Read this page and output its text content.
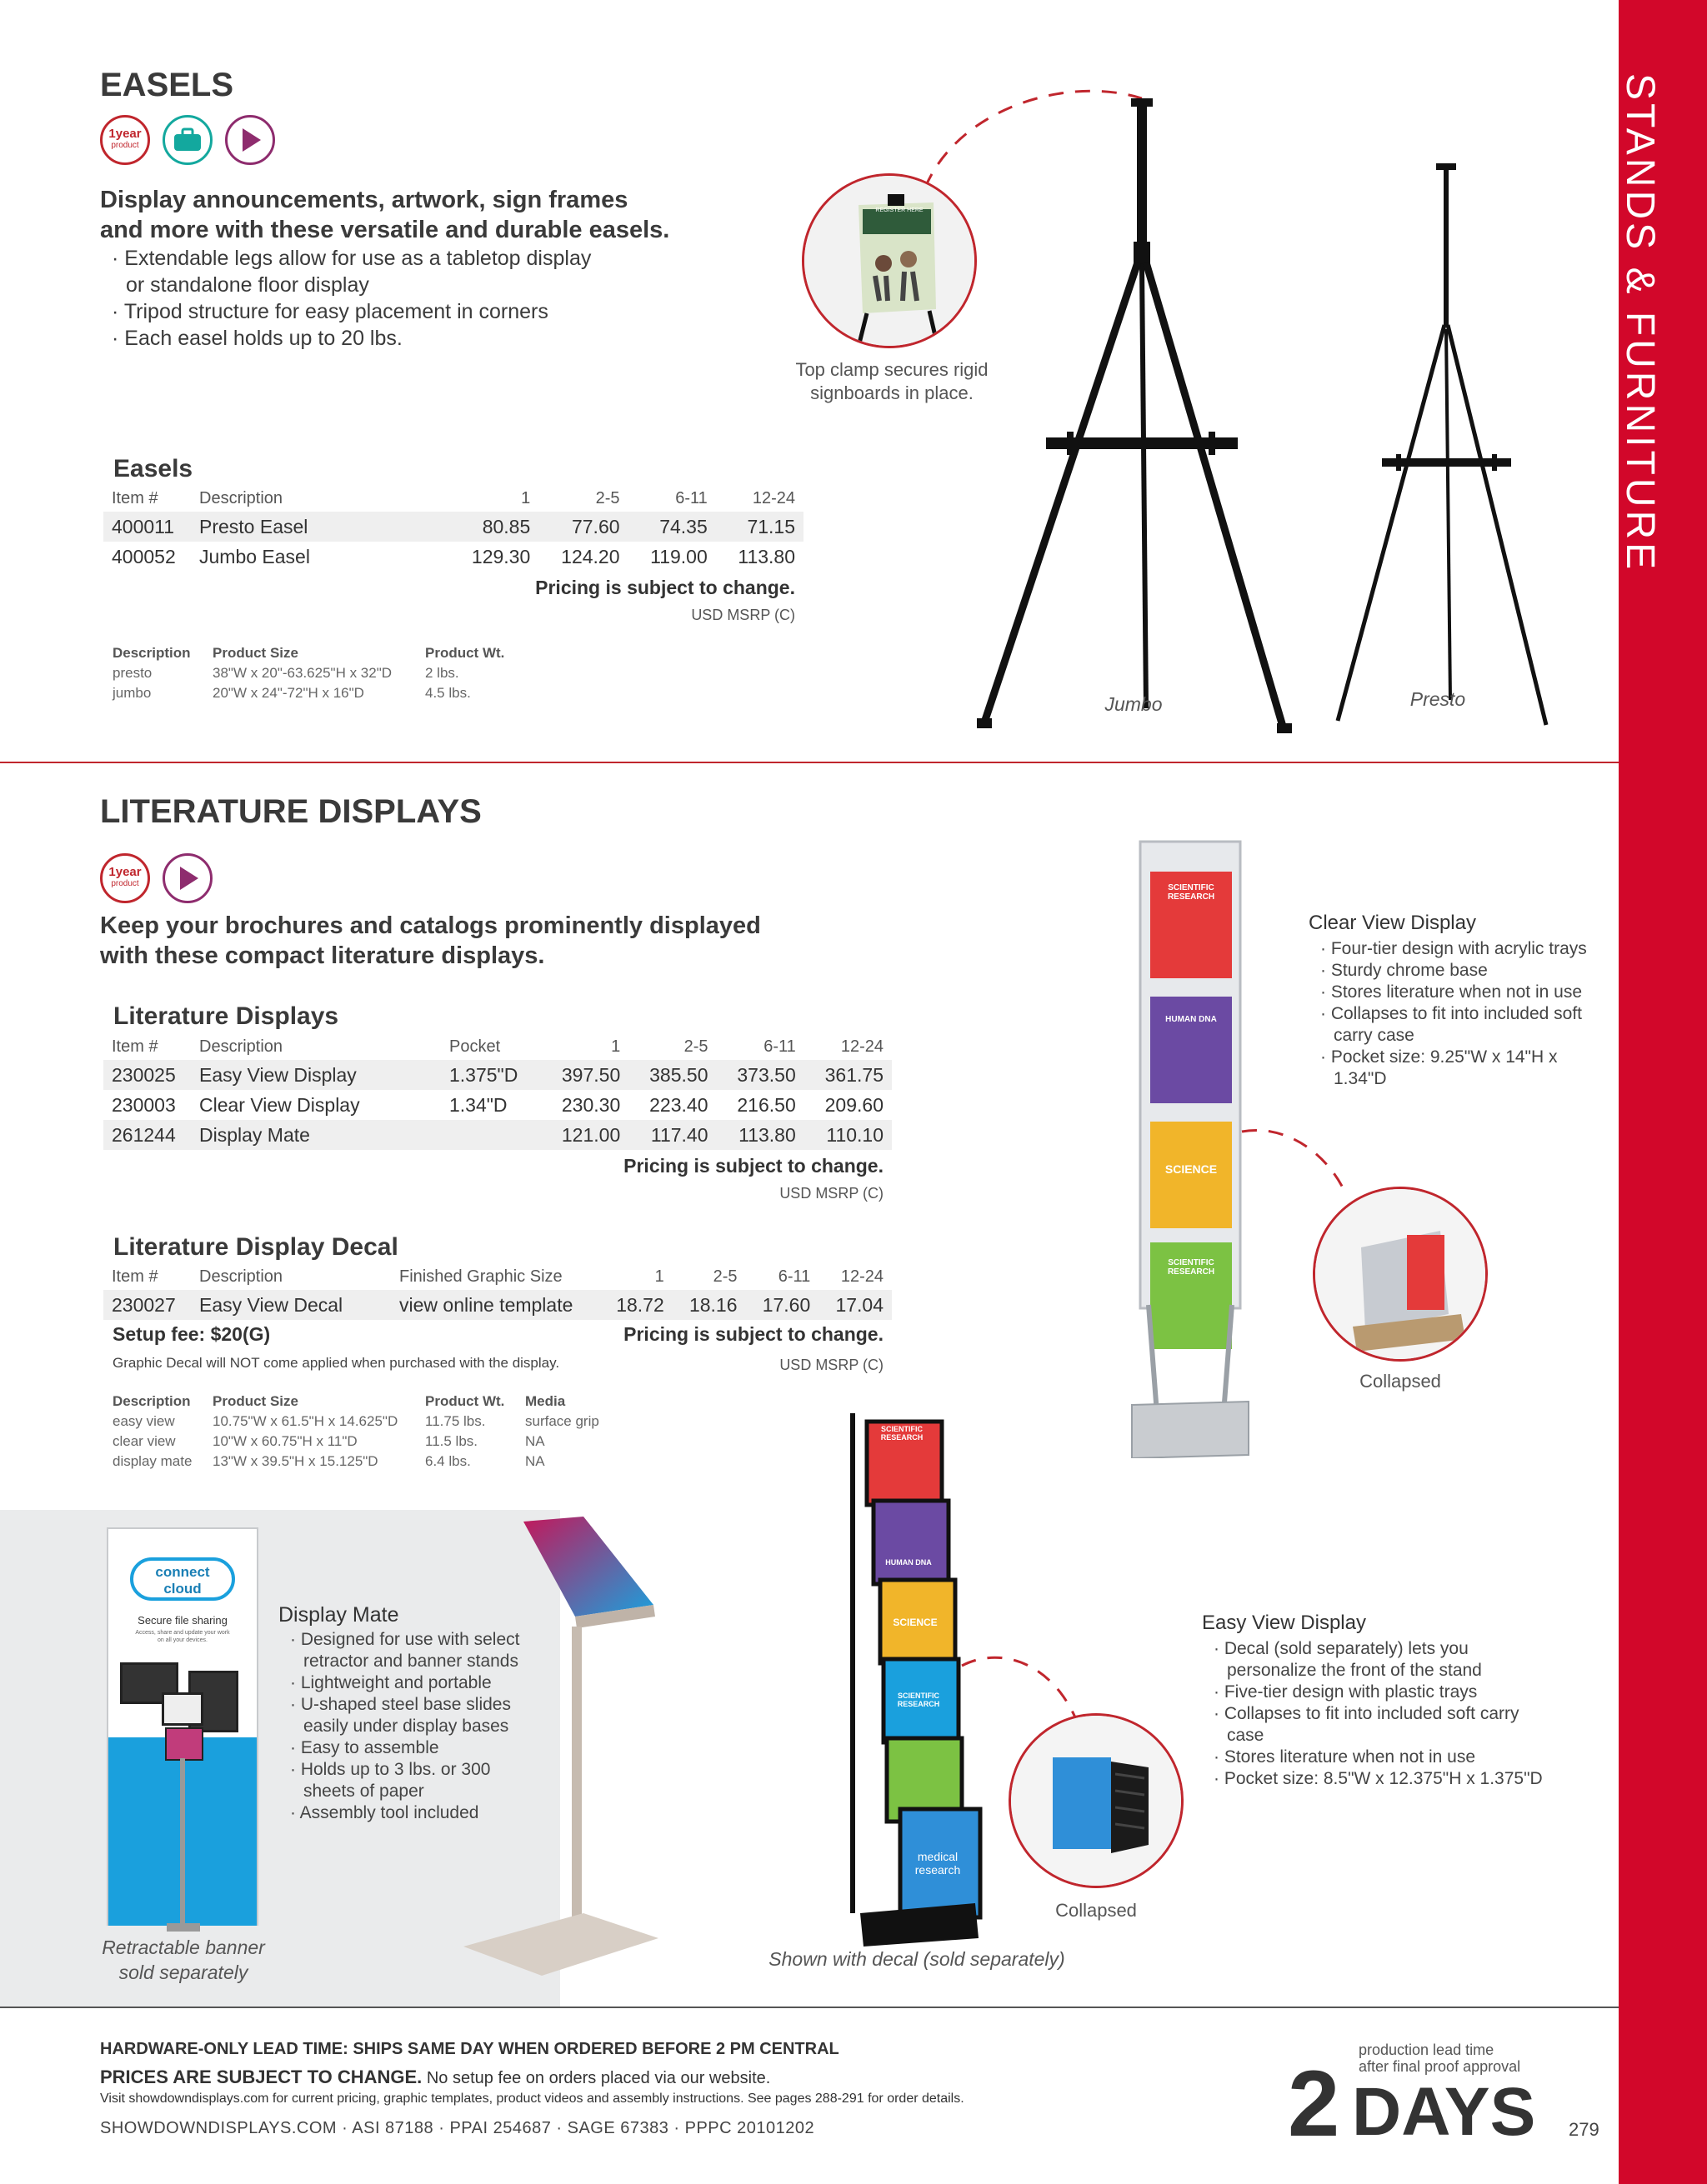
STANDS & FURNITURE
EASELS
1year
product
Display announcements, artwork, sign frames
and more with these versatile and durable easels.
· Extendable legs allow for use as a tabletop display
or standalone floor display
· Tripod structure for easy placement in corners
· Each easel holds up to 20 lbs.
Easels
Item #	Description	1	2-5	6-11	12-24
400011	Presto Easel	80.85	77.60	74.35	71.15
400052	Jumbo Easel	129.30	124.20	119.00	113.80
Pricing is subject to change.
USD MSRP (C)
Description	Product Size	Product Wt.
presto	38"W x 20"-63.625"H x 32"D	2 lbs.
jumbo	20"W x 24"-72"H x 16"D	4.5 lbs.
REGISTER HERE
Top clamp secures rigid
signboards in place.
Jumbo	Presto
LITERATURE DISPLAYS
1year
product
Keep your brochures and catalogs prominently displayed
with these compact literature displays.
Literature Displays
Item #	Description	Pocket	1	2-5	6-11	12-24
230025	Easy View Display	1.375"D	397.50	385.50	373.50	361.75
230003	Clear View Display	1.34"D	230.30	223.40	216.50	209.60
261244	Display Mate		121.00	117.40	113.80	110.10
Pricing is subject to change.
USD MSRP (C)
Literature Display Decal
Item #	Description	Finished Graphic Size	1	2-5	6-11	12-24
230027	Easy View Decal	view online template	18.72	18.16	17.60	17.04
Setup fee: $20(G)	Pricing is subject to change.
Graphic Decal will NOT come applied when purchased with the display.	USD MSRP (C)
Description	Product Size	Product Wt.	Media
easy view	10.75"W x 61.5"H x 14.625"D	11.75 lbs.	surface grip
clear view	10"W x 60.75"H x 11"D	11.5 lbs.	NA
display mate	13"W x 39.5"H x 15.125"D	6.4 lbs.	NA
SCIENTIFIC RESEARCH
HUMAN DNA
SCIENCE
SCIENTIFIC RESEARCH
Collapsed
Clear View Display
· Four-tier design with acrylic trays
· Sturdy chrome base
· Stores literature when not in use
· Collapses to fit into included soft carry case
· Pocket size: 9.25"W x 14"H x 1.34"D
connect
cloud
Secure file sharing
Access, share and update your work on all your devices.
Retractable banner
sold separately
Display Mate
· Designed for use with select retractor and banner stands
· Lightweight and portable
· U-shaped steel base slides easily under display bases
· Easy to assemble
· Holds up to 3 lbs. or 300 sheets of paper
· Assembly tool included
SCIENTIFIC RESEARCH
HUMAN DNA
SCIENCE
SCIENTIFIC RESEARCH
medical research
Shown with decal (sold separately)
Collapsed
Easy View Display
· Decal (sold separately) lets you personalize the front of the stand
· Five-tier design with plastic trays
· Collapses to fit into included soft carry case
· Stores literature when not in use
· Pocket size: 8.5"W x 12.375"H x 1.375"D
HARDWARE-ONLY LEAD TIME: SHIPS SAME DAY WHEN ORDERED BEFORE 2 PM CENTRAL
PRICES ARE SUBJECT TO CHANGE. No setup fee on orders placed via our website.
Visit showdowndisplays.com for current pricing, graphic templates, product videos and assembly instructions. See pages 288-291 for order details.
SHOWDOWNDISPLAYS.COM · ASI 87188 · PPAI 254687 · SAGE 67383 · PPPC 20101202
production lead time
after final proof approval
2 DAYS 279
